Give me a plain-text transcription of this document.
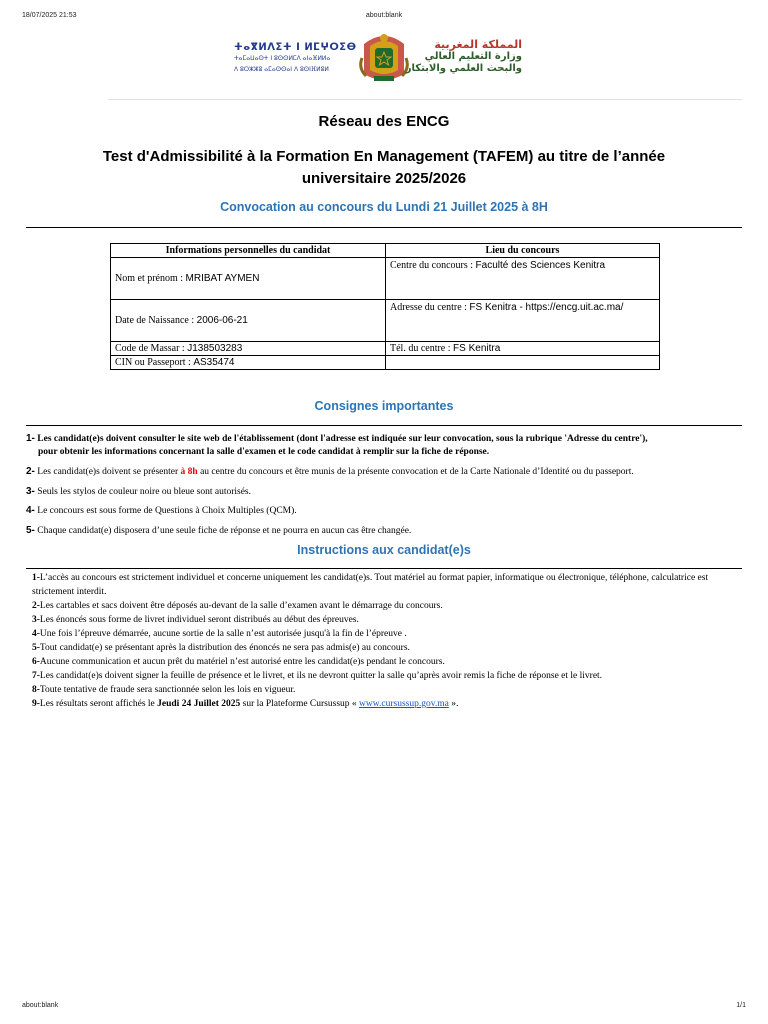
18/07/2025 21:53	about:blank
ⵜⴰⴳⵍⴷⵉⵜ ⵏ ⵍⵎⵖⵔⵉⴱ
ⵜⴰⵎⴰⵡⴰⵙⵜ ⵏ ⵓⵙⵙⵍⵎⴷ ⴰⵏⴰⴼⵍⵍⴰ
ⴷ ⵓⵔⵣⵣⵓ ⴰⵎⴰⵙⵙⴰⵏ ⴷ ⵓⵙⵏⴼⵍⵓⵍ
المملكة المغربية
وزارة التعليم العالي
والبحث العلمي والابتكار
Réseau des ENCG
Test d'Admissibilité à la Formation En Management (TAFEM) au titre de l’année universitaire 2025/2026
Convocation au concours du Lundi 21 Juillet 2025 à 8H
Informations personnelles du candidat	Lieu du concours
Nom et prénom : MRIBAT AYMEN	Centre du concours : Faculté des Sciences Kenitra
Date de Naissance : 2006-06-21	Adresse du centre : FS Kenitra - https://encg.uit.ac.ma/
Code de Massar : J138503283	Tél. du centre : FS Kenitra
CIN ou Passeport : AS35474	
Consignes importantes
1- Les candidat(e)s doivent consulter le site web de l'établissement (dont l'adresse est indiquée sur leur convocation, sous la rubrique 'Adresse du centre'),
pour obtenir les informations concernant la salle d'examen et le code candidat à remplir sur la fiche de réponse.
2- Les candidat(e)s doivent se présenter à 8h au centre du concours et être munis de la présente convocation et de la Carte Nationale d’Identité ou du passeport.
3- Seuls les stylos de couleur noire ou bleue sont autorisés.
4- Le concours est sous forme de Questions à Choix Multiples (QCM).
5- Chaque candidat(e) disposera d’une seule fiche de réponse et ne pourra en aucun cas être changée.
Instructions aux candidat(e)s
1-L’accès au concours est strictement individuel et concerne uniquement les candidat(e)s. Tout matériel au format papier, informatique ou électronique, téléphone, calculatrice est strictement interdit.
2-Les cartables et sacs doivent être déposés au-devant de la salle d’examen avant le démarrage du concours.
3-Les énoncés sous forme de livret individuel seront distribués au début des épreuves.
4-Une fois l’épreuve démarrée, aucune sortie de la salle n’est autorisée jusqu'à la fin de l’épreuve .
5-Tout candidat(e) se présentant après la distribution des énoncés ne sera pas admis(e) au concours.
6-Aucune communication et aucun prêt du matériel n’est autorisé entre les candidat(e)s pendant le concours.
7-Les candidat(e)s doivent signer la feuille de présence et le livret, et ils ne devront quitter la salle qu’après avoir remis la fiche de réponse et le livret.
8-Toute tentative de fraude sera sanctionnée selon les lois en vigueur.
9-Les résultats seront affichés le Jeudi 24 Juillet 2025 sur la Plateforme Cursussup « www.cursussup.gov.ma ».
about:blank	1/1
